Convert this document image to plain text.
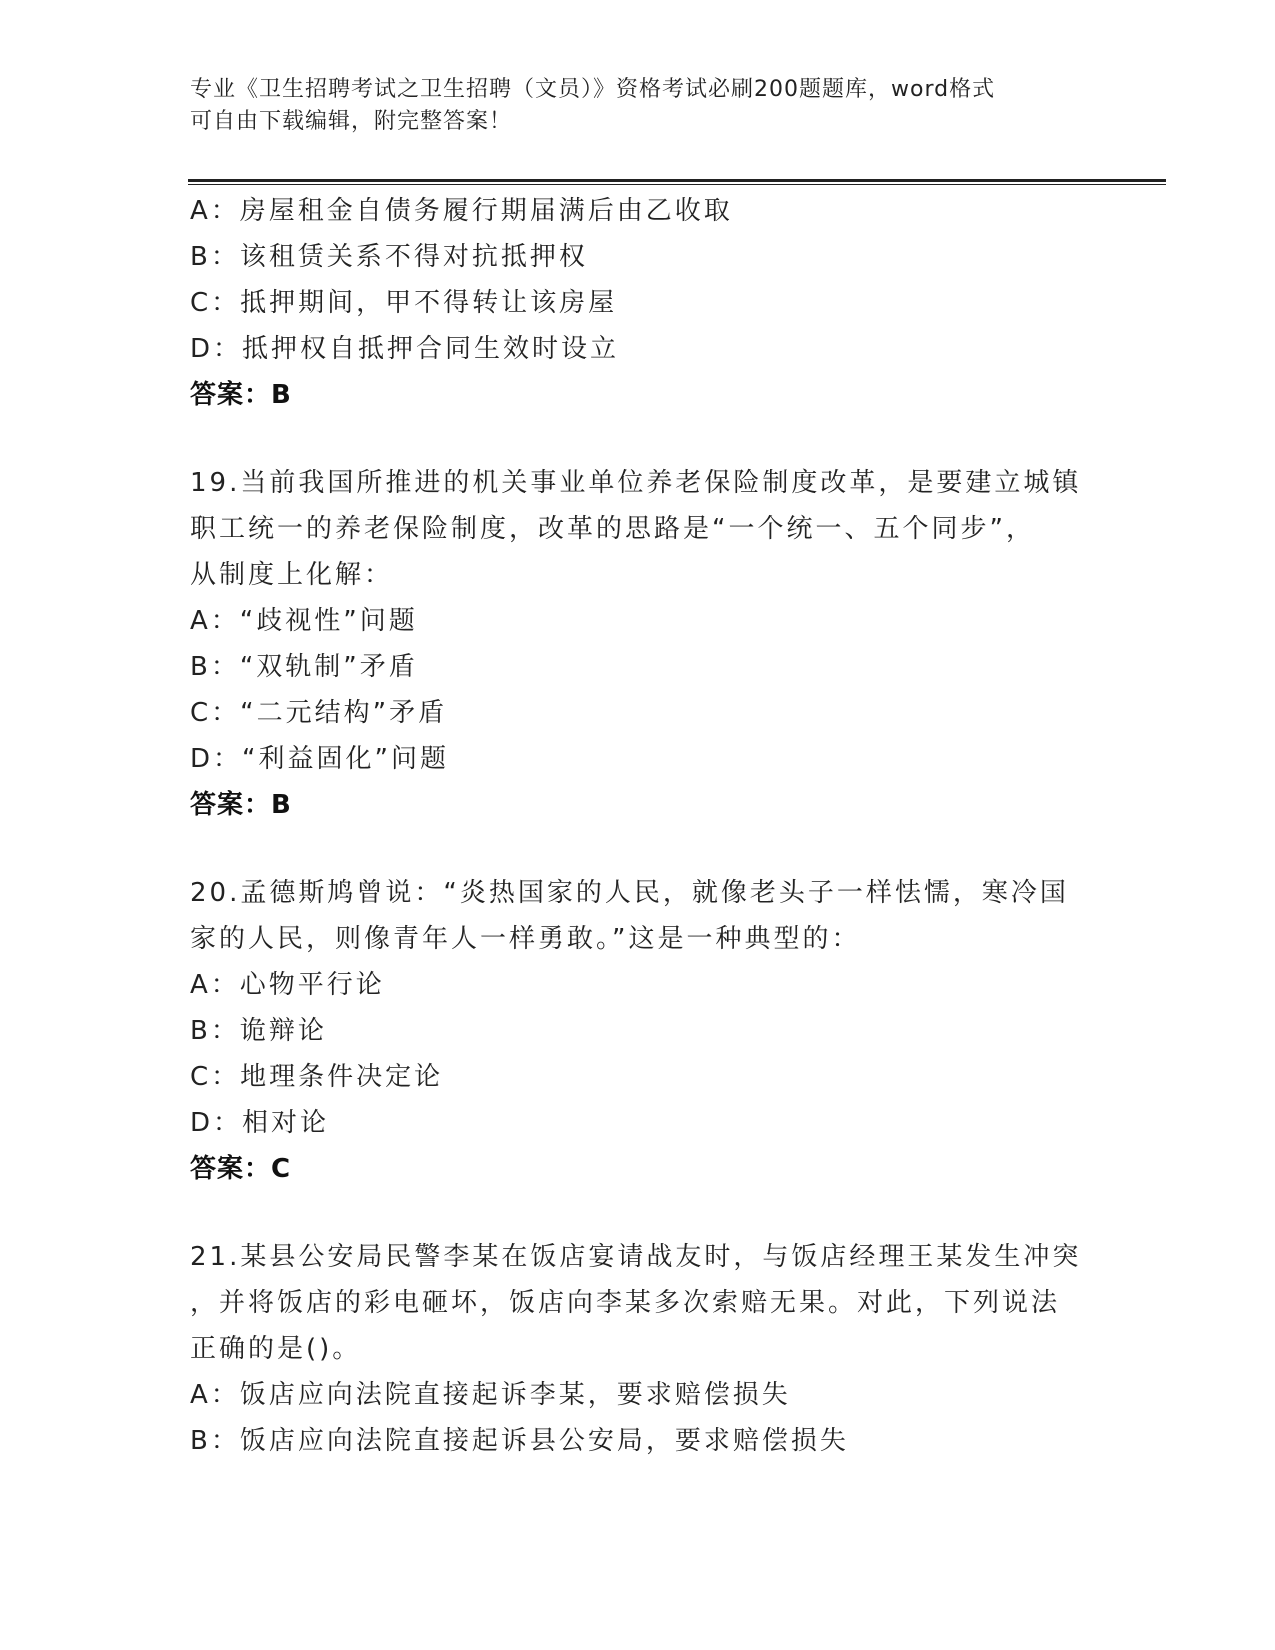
专业《卫生招聘考试之卫生招聘（文员）》资格考试必刷200题题库，word格式
可自由下载编辑，附完整答案！
A：房屋租金自债务履行期届满后由乙收取
B：该租赁关系不得对抗抵押权
C：抵押期间，甲不得转让该房屋
D：抵押权自抵押合同生效时设立
答案：B
19.当前我国所推进的机关事业单位养老保险制度改革，是要建立城镇
职工统一的养老保险制度，改革的思路是“一个统一、五个同步”，
从制度上化解：
A：“歧视性”问题
B：“双轨制”矛盾
C：“二元结构”矛盾
D：“利益固化”问题
答案：B
20.孟德斯鸠曾说：“炎热国家的人民，就像老头子一样怯懦，寒冷国
家的人民，则像青年人一样勇敢。”这是一种典型的：
A：心物平行论
B：诡辩论
C：地理条件决定论
D：相对论
答案：C
21.某县公安局民警李某在饭店宴请战友时，与饭店经理王某发生冲突
，并将饭店的彩电砸坏，饭店向李某多次索赔无果。对此，下列说法
正确的是()。
A：饭店应向法院直接起诉李某，要求赔偿损失
B：饭店应向法院直接起诉县公安局，要求赔偿损失
